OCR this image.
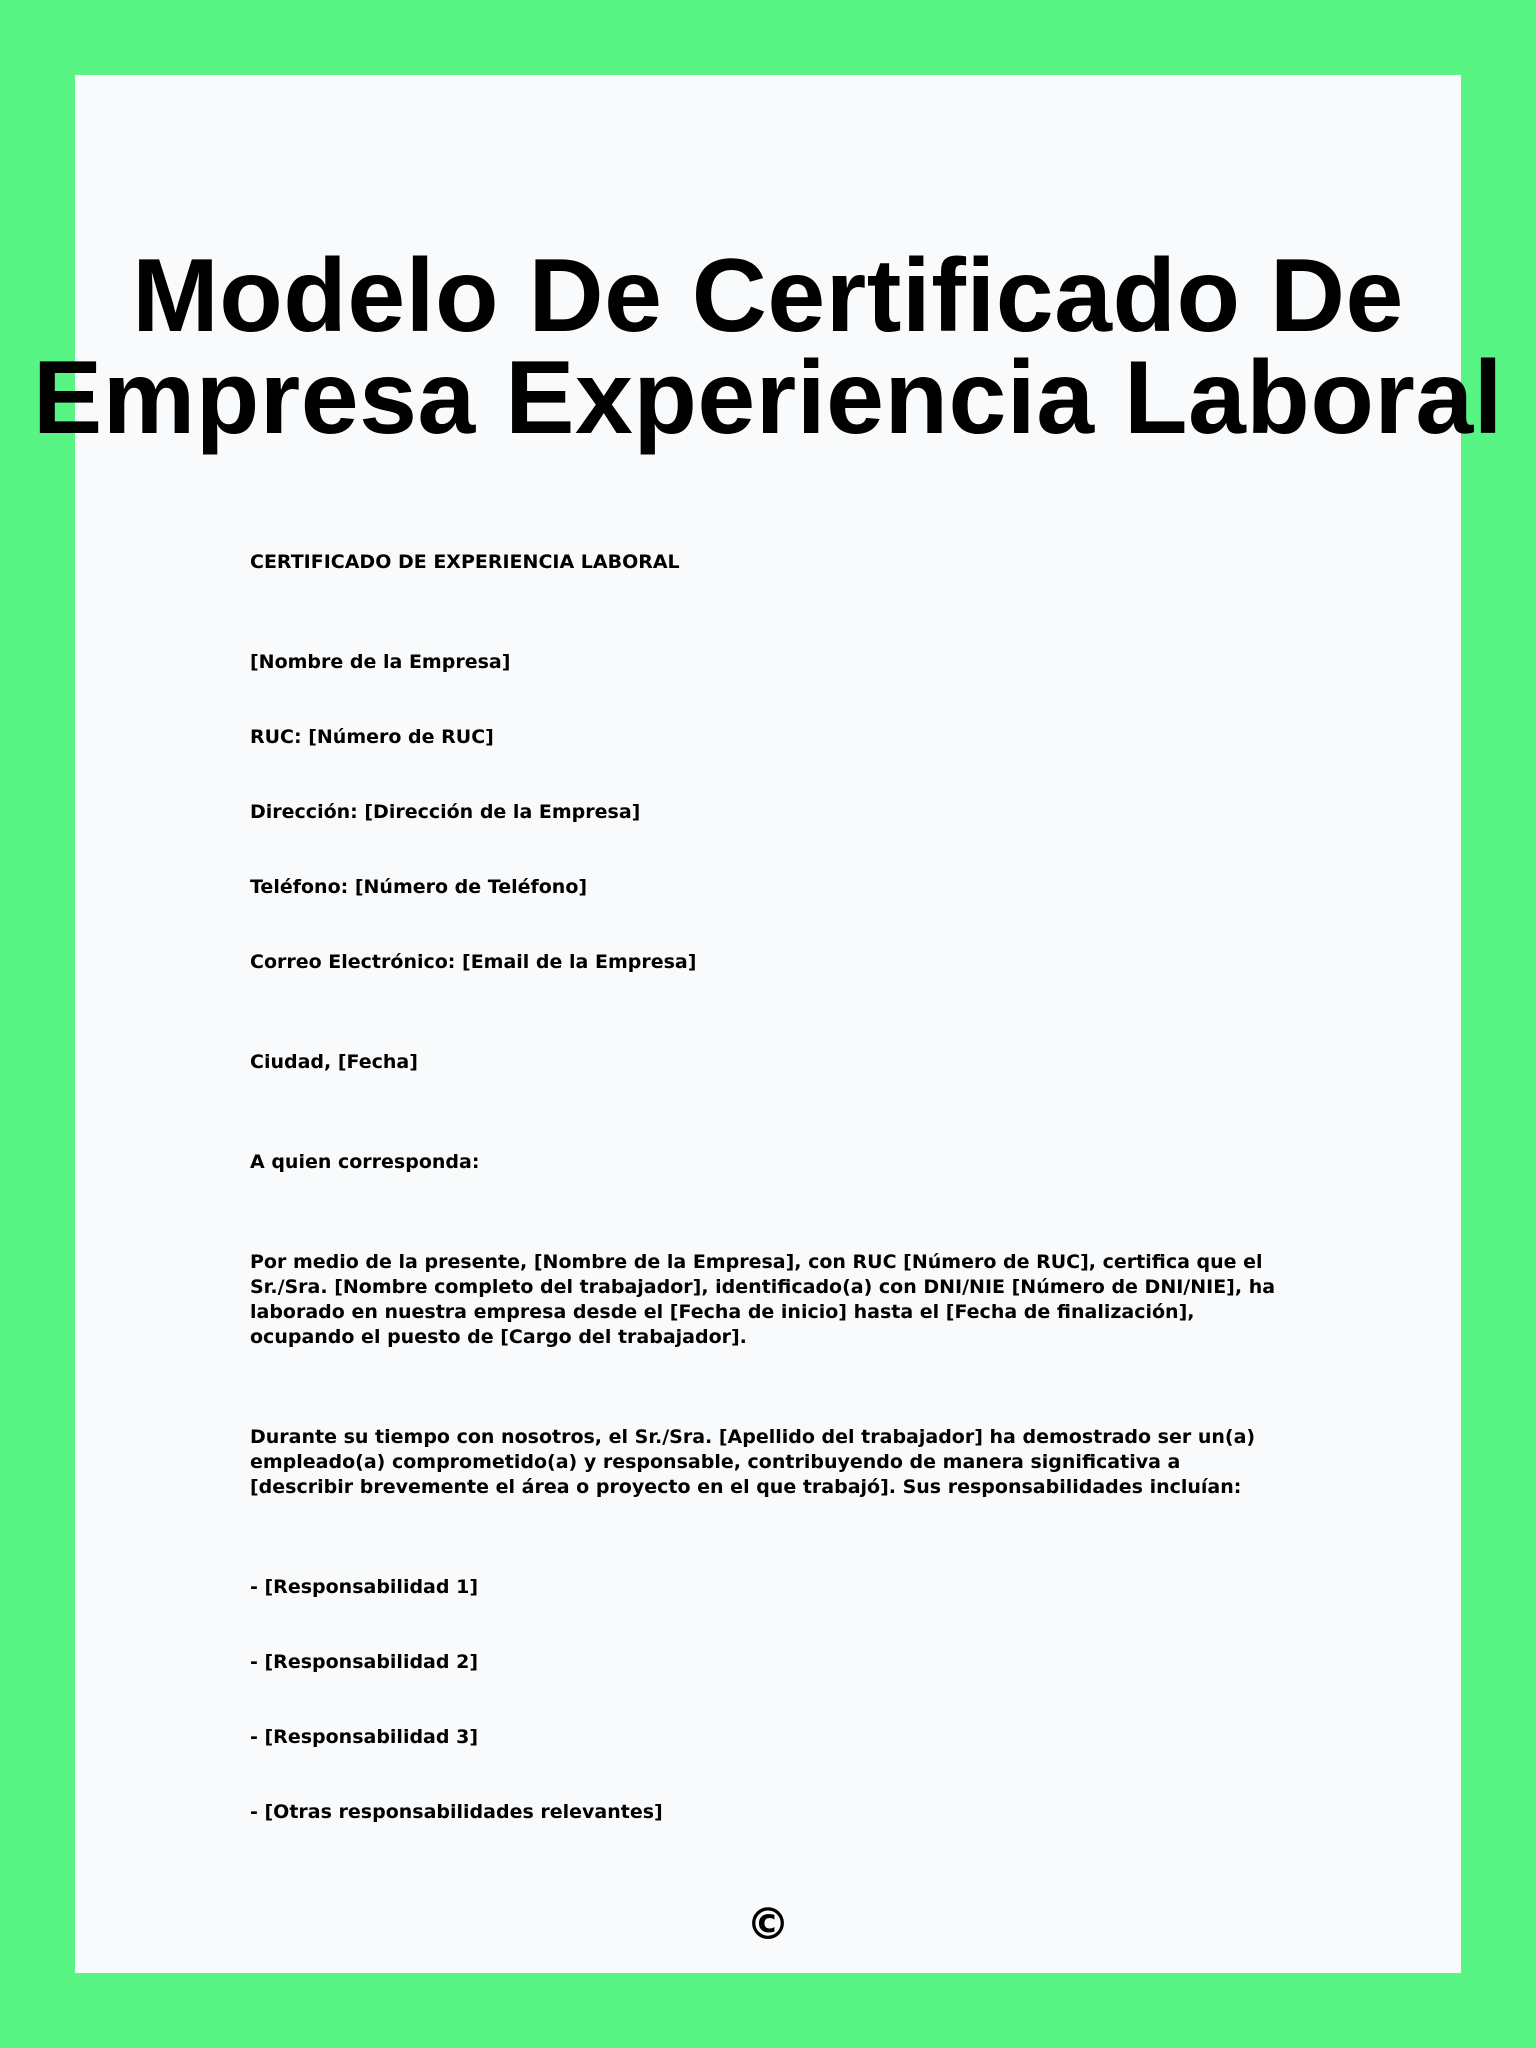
Modelo De Certificado De
Empresa Experiencia Laboral

CERTIFICADO DE EXPERIENCIA LABORAL

[Nombre de la Empresa]

RUC: [Número de RUC]

Dirección: [Dirección de la Empresa]

Teléfono: [Número de Teléfono]

Correo Electrónico: [Email de la Empresa]

Ciudad, [Fecha]

A quien corresponda:

Por medio de la presente, [Nombre de la Empresa], con RUC [Número de RUC], certifica que el Sr./Sra. [Nombre completo del trabajador], identificado(a) con DNI/NIE [Número de DNI/NIE], ha laborado en nuestra empresa desde el [Fecha de inicio] hasta el [Fecha de finalización], ocupando el puesto de [Cargo del trabajador].

Durante su tiempo con nosotros, el Sr./Sra. [Apellido del trabajador] ha demostrado ser un(a) empleado(a) comprometido(a) y responsable, contribuyendo de manera significativa a [describir brevemente el área o proyecto en el que trabajó]. Sus responsabilidades incluían:

- [Responsabilidad 1]

- [Responsabilidad 2]

- [Responsabilidad 3]

- [Otras responsabilidades relevantes]

©
